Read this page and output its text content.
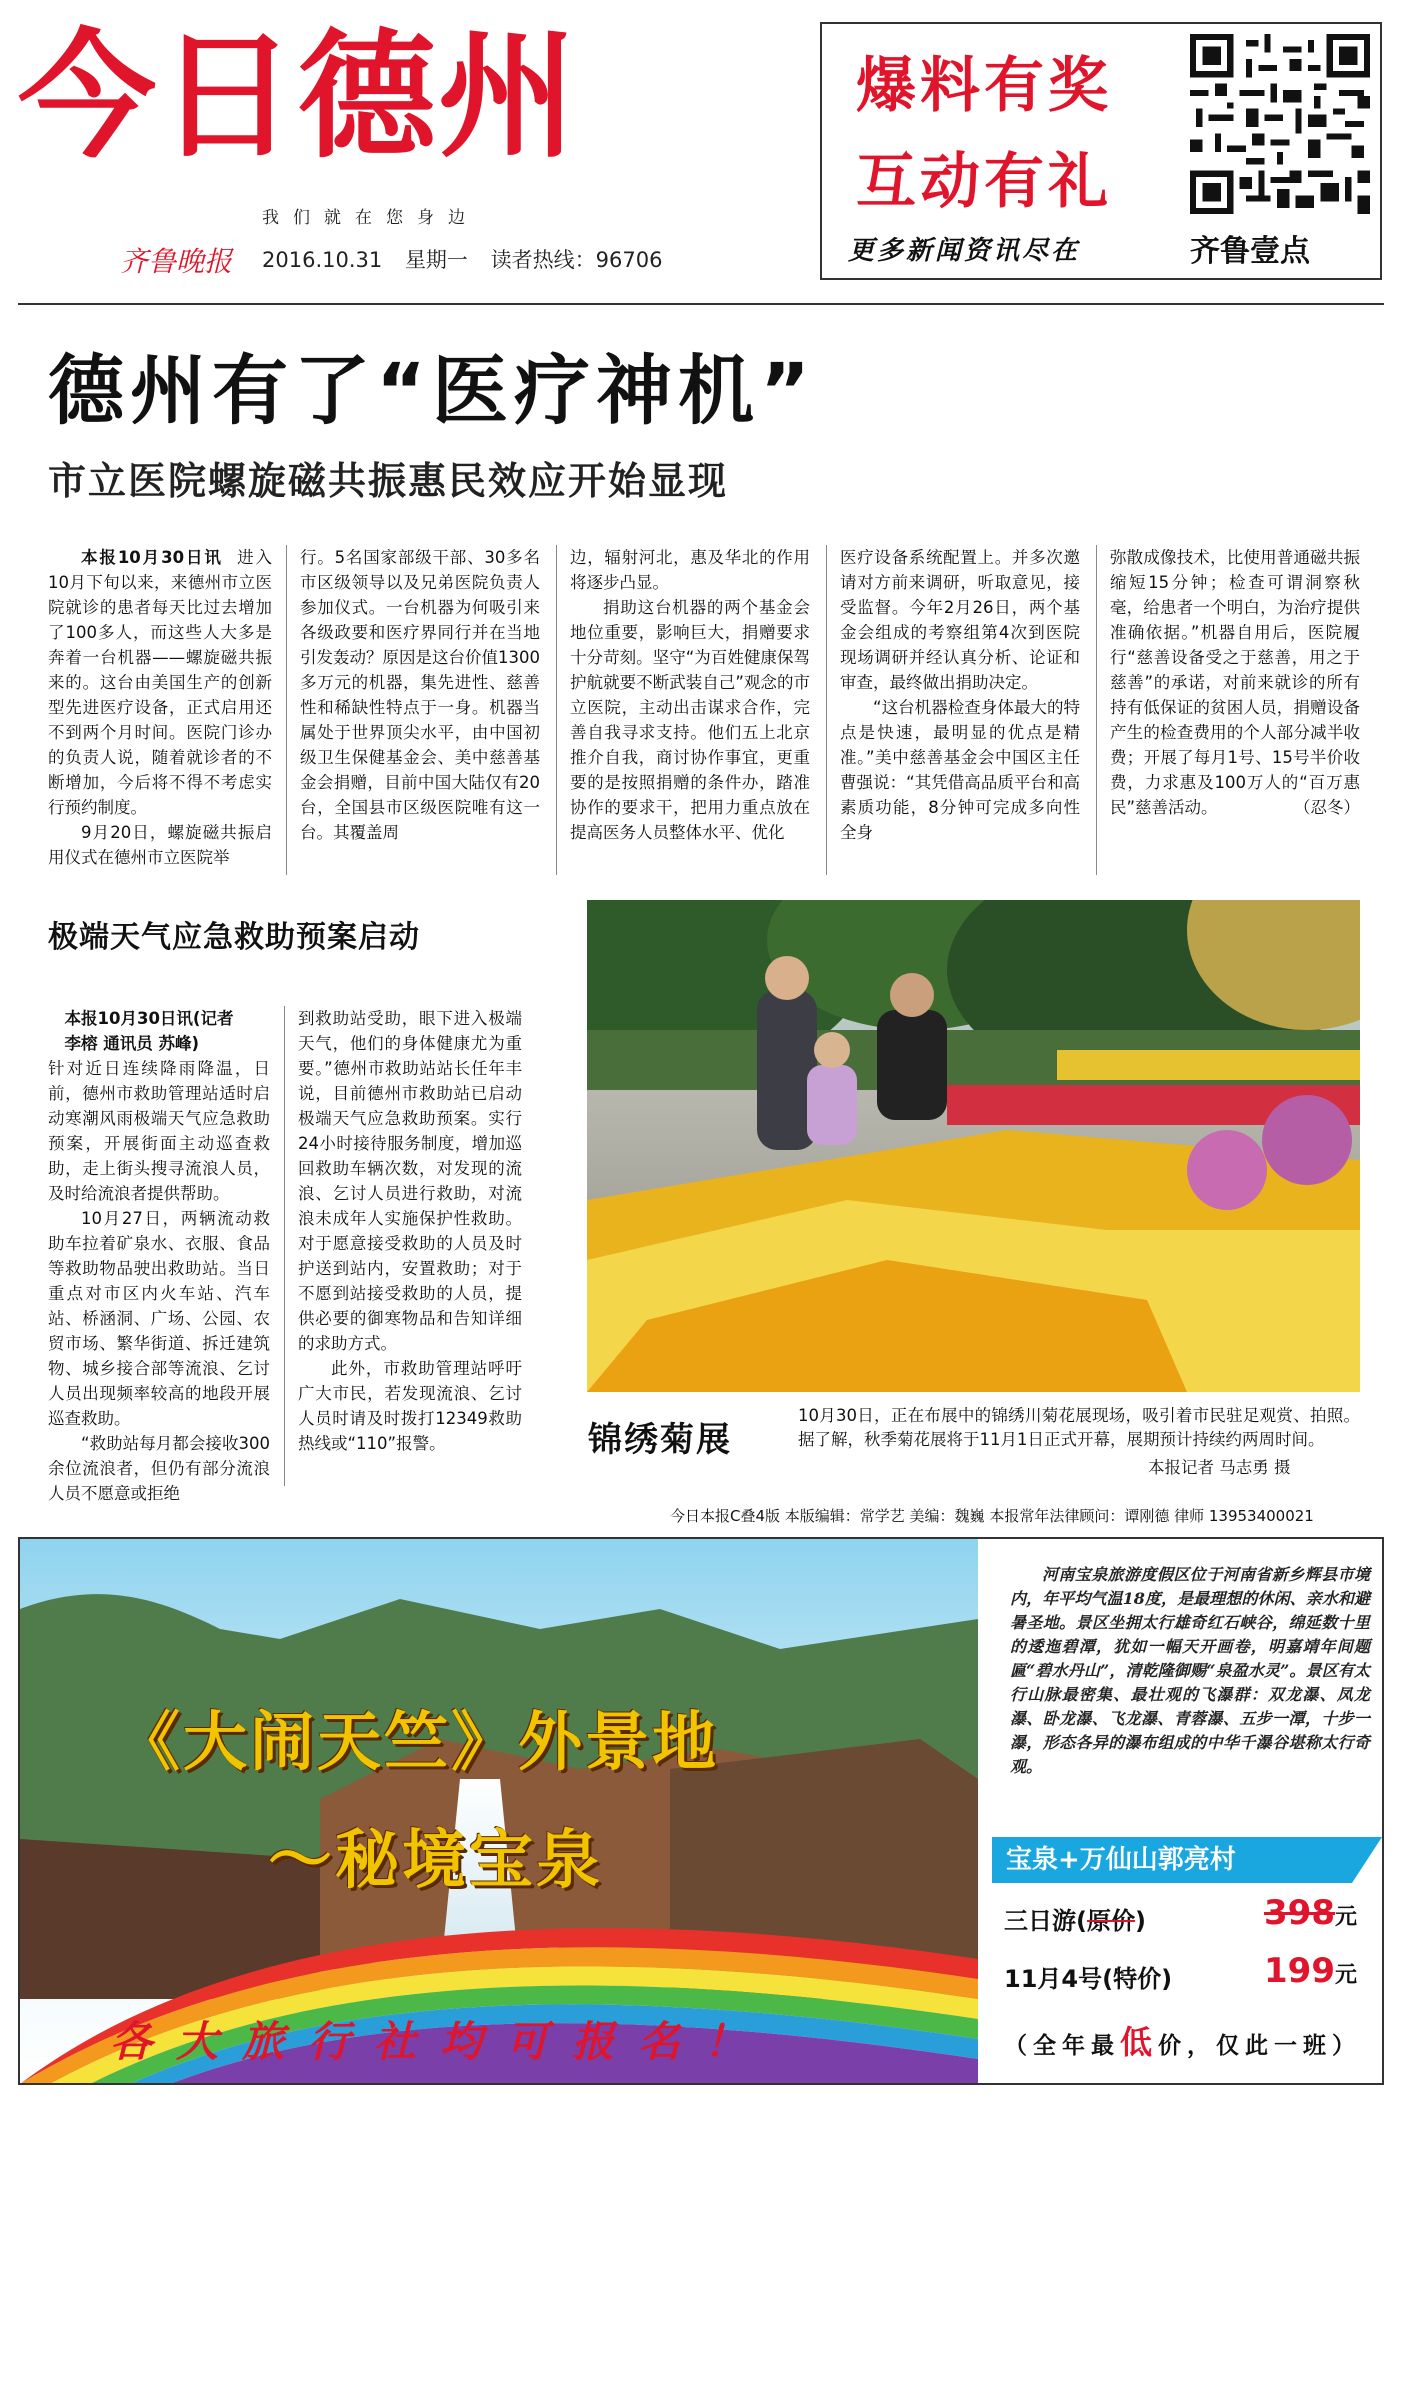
今日德州
我们就在您身边
齐鲁晚报 2016.10.31 星期一 读者热线：96706
爆料有奖
互动有礼
更多新闻资讯尽在	齐鲁壹点
德州有了“医疗神机”
市立医院螺旋磁共振惠民效应开始显现

本报10月30日讯 进入10月下旬以来，来德州市立医院就诊的患者每天比过去增加了100多人，而这些人大多是奔着一台机器——螺旋磁共振来的。这台由美国生产的创新型先进医疗设备，正式启用还不到两个月时间。医院门诊办的负责人说，随着就诊者的不断增加，今后将不得不考虑实行预约制度。

9月20日，螺旋磁共振启用仪式在德州市立医院举

行。5名国家部级干部、30多名市区级领导以及兄弟医院负责人参加仪式。一台机器为何吸引来各级政要和医疗界同行并在当地引发轰动？原因是这台价值1300多万元的机器，集先进性、慈善性和稀缺性特点于一身。机器当属处于世界顶尖水平，由中国初级卫生保健基金会、美中慈善基金会捐赠，目前中国大陆仅有20台，全国县市区级医院唯有这一台。其覆盖周

边，辐射河北，惠及华北的作用将逐步凸显。

捐助这台机器的两个基金会地位重要，影响巨大，捐赠要求十分苛刻。坚守“为百姓健康保驾护航就要不断武装自己”观念的市立医院，主动出击谋求合作，完善自我寻求支持。他们五上北京推介自我，商讨协作事宜，更重要的是按照捐赠的条件办，踏准协作的要求干，把用力重点放在提高医务人员整体水平、优化

医疗设备系统配置上。并多次邀请对方前来调研，听取意见，接受监督。今年2月26日，两个基金会组成的考察组第4次到医院现场调研并经认真分析、论证和审查，最终做出捐助决定。

“这台机器检查身体最大的特点是快速，最明显的优点是精准。”美中慈善基金会中国区主任曹强说：“其凭借高品质平台和高素质功能，8分钟可完成多向性全身

弥散成像技术，比使用普通磁共振缩短15分钟；检查可谓洞察秋毫，给患者一个明白，为治疗提供准确依据。”机器自用后，医院履行“慈善设备受之于慈善，用之于慈善”的承诺，对前来就诊的所有持有低保证的贫困人员，捐赠设备产生的检查费用的个人部分减半收费；开展了每月1号、15号半价收费，力求惠及100万人的“百万惠民”慈善活动。	（忍冬）

极端天气应急救助预案启动

本报10月30日讯(记者

李榕 通讯员 苏峰)

针对近日连续降雨降温，日前，德州市救助管理站适时启动寒潮风雨极端天气应急救助预案，开展街面主动巡查救助，走上街头搜寻流浪人员，及时给流浪者提供帮助。

10月27日，两辆流动救助车拉着矿泉水、衣服、食品等救助物品驶出救助站。当日重点对市区内火车站、汽车站、桥涵洞、广场、公园、农贸市场、繁华街道、拆迁建筑物、城乡接合部等流浪、乞讨人员出现频率较高的地段开展巡查救助。

“救助站每月都会接收300余位流浪者，但仍有部分流浪人员不愿意或拒绝

到救助站受助，眼下进入极端天气，他们的身体健康尤为重要。”德州市救助站站长任年丰说，目前德州市救助站已启动极端天气应急救助预案。实行24小时接待服务制度，增加巡回救助车辆次数，对发现的流浪、乞讨人员进行救助，对流浪未成年人实施保护性救助。对于愿意接受救助的人员及时护送到站内，安置救助；对于不愿到站接受救助的人员，提供必要的御寒物品和告知详细的求助方式。

此外，市救助管理站呼吁广大市民，若发现流浪、乞讨人员时请及时拨打12349救助热线或“110”报警。	锦绣菊展
10月30日，正在布展中的锦绣川菊花展现场，吸引着市民驻足观赏、拍照。据了解，秋季菊花展将于11月1日正式开幕，展期预计持续约两周时间。
本报记者 马志勇 摄
今日本报C叠4版 本版编辑：常学艺 美编：魏巍 本报常年法律顾问：谭刚德 律师 13953400021
《大闹天竺》外景地
～秘境宝泉
各大旅行社均可报名！

河南宝泉旅游度假区位于河南省新乡辉县市境内，年平均气温18度，是最理想的休闲、亲水和避暑圣地。景区坐拥太行雄奇红石峡谷，绵延数十里的逶迤碧潭，犹如一幅天开画卷，明嘉靖年间题匾“碧水丹山”，清乾隆御赐“泉盈水灵”。景区有太行山脉最密集、最壮观的飞瀑群：双龙瀑、凤龙瀑、卧龙瀑、飞龙瀑、青蓉瀑、五步一潭，十步一瀑，形态各异的瀑布组成的中华千瀑谷堪称太行奇观。

宝泉+万仙山郭亮村
三日游(原价)	398元
11月4号(特价)	199元
（全年最低价，仅此一班）
